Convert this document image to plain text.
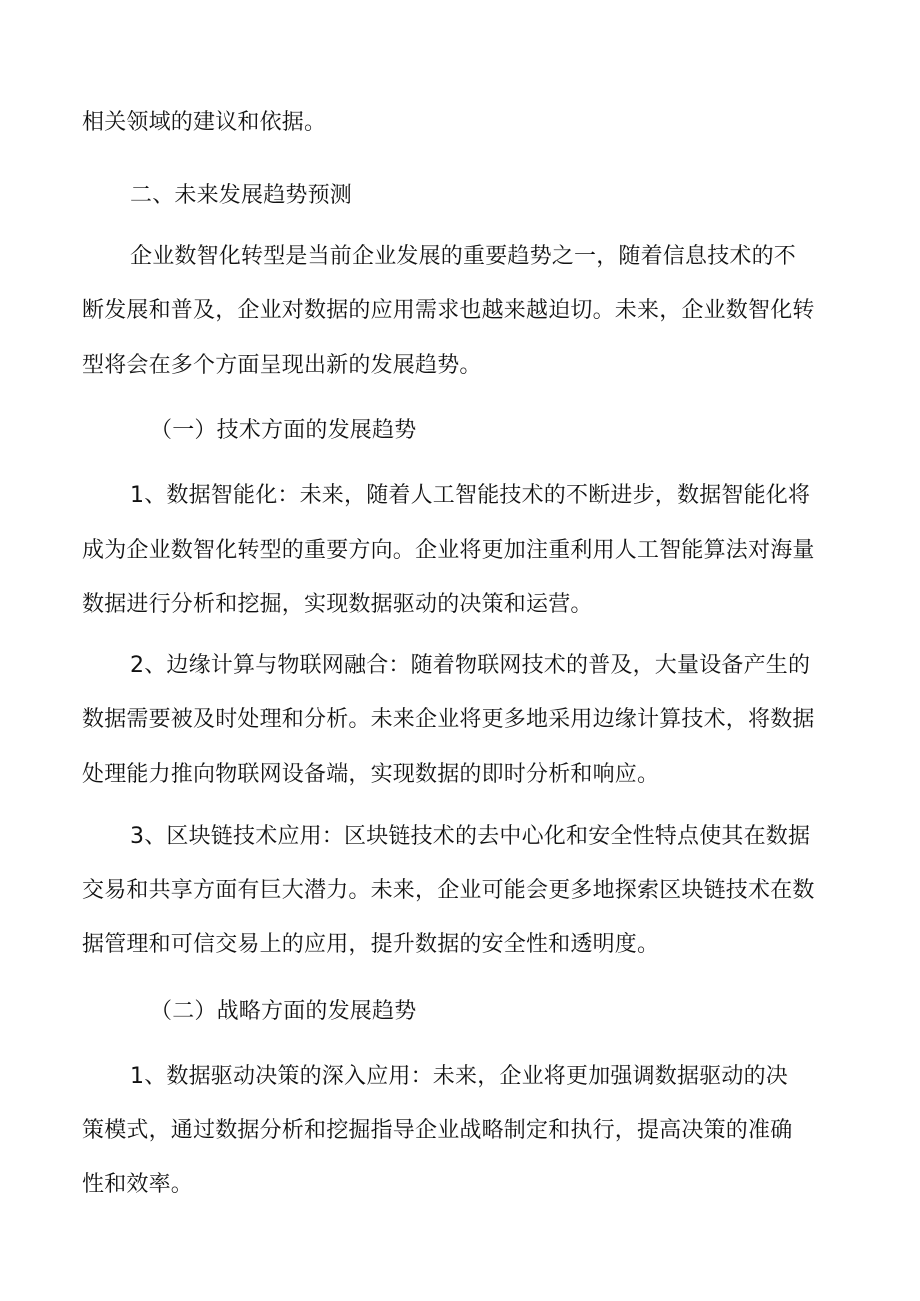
相关领域的建议和依据。
二、未来发展趋势预测
企业数智化转型是当前企业发展的重要趋势之一，随着信息技术的不
断发展和普及，企业对数据的应用需求也越来越迫切。未来，企业数智化转
型将会在多个方面呈现出新的发展趋势。
（一）技术方面的发展趋势
1、数据智能化：未来，随着人工智能技术的不断进步，数据智能化将
成为企业数智化转型的重要方向。企业将更加注重利用人工智能算法对海量
数据进行分析和挖掘，实现数据驱动的决策和运营。
2、边缘计算与物联网融合：随着物联网技术的普及，大量设备产生的
数据需要被及时处理和分析。未来企业将更多地采用边缘计算技术，将数据
处理能力推向物联网设备端，实现数据的即时分析和响应。
3、区块链技术应用：区块链技术的去中心化和安全性特点使其在数据
交易和共享方面有巨大潜力。未来，企业可能会更多地探索区块链技术在数
据管理和可信交易上的应用，提升数据的安全性和透明度。
（二）战略方面的发展趋势
1、数据驱动决策的深入应用：未来，企业将更加强调数据驱动的决
策模式，通过数据分析和挖掘指导企业战略制定和执行，提高决策的准确
性和效率。
